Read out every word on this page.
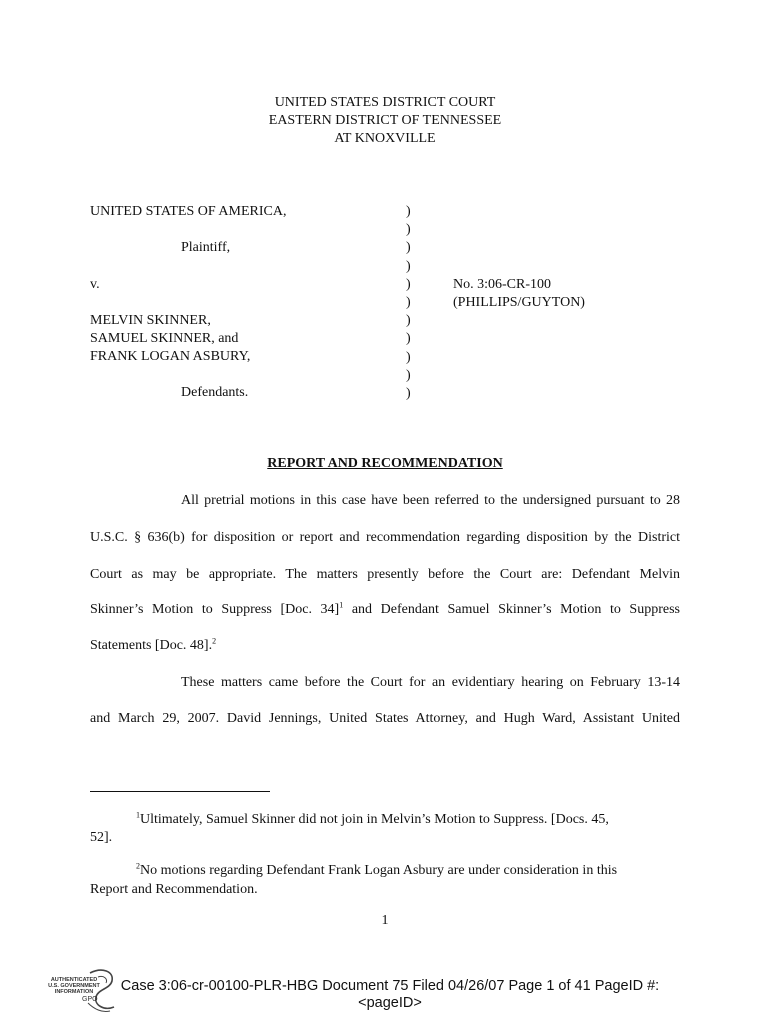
UNITED STATES DISTRICT COURT
EASTERN DISTRICT OF TENNESSEE
AT KNOXVILLE
UNITED STATES OF AMERICA,
Plaintiff,
v.
MELVIN SKINNER,
SAMUEL SKINNER, and
FRANK LOGAN ASBURY,
Defendants.
)
)
)
)
)
)
)
)
)
)
)
No. 3:06-CR-100
(PHILLIPS/GUYTON)
REPORT AND RECOMMENDATION
All pretrial motions in this case have been referred to the undersigned pursuant to 28
U.S.C. § 636(b) for disposition or report and recommendation regarding disposition by the District
Court as may be appropriate. The matters presently before the Court are: Defendant Melvin
Skinner’s Motion to Suppress [Doc. 34]$^1$ and Defendant Samuel Skinner’s Motion to Suppress
Statements [Doc. 48].$^2$
These matters came before the Court for an evidentiary hearing on February 13-14
and March 29, 2007. David Jennings, United States Attorney, and Hugh Ward, Assistant United
$^1$Ultimately, Samuel Skinner did not join in Melvin’s Motion to Suppress. [Docs. 45,
52].
$^2$No motions regarding Defendant Frank Logan Asbury are under consideration in this
Report and Recommendation.
1
AUTHENTICATED
U.S. GOVERNMENT
INFORMATION
GPO
Case 3:06-cr-00100-PLR-HBG Document 75 Filed 04/26/07 Page 1 of 41 PageID #:
<pageID>
